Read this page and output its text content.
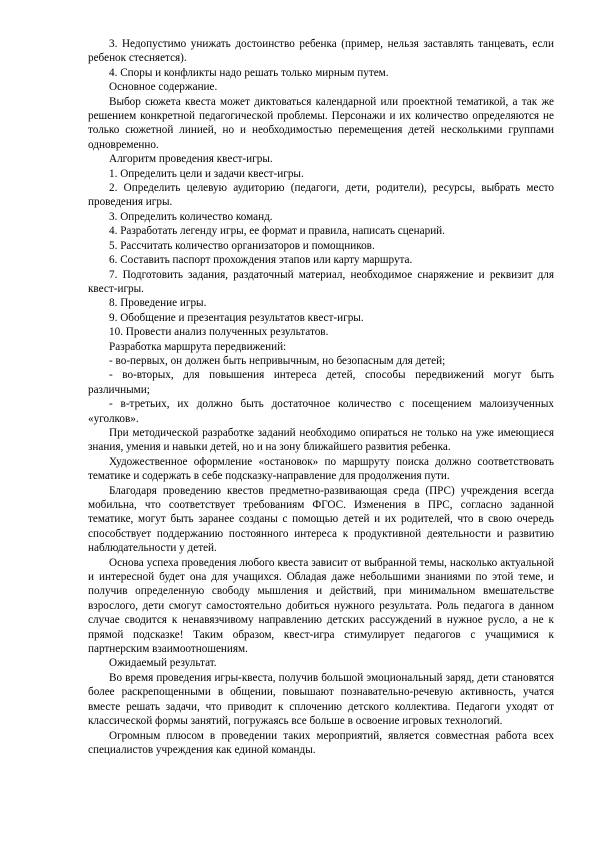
3. Недопустимо унижать достоинство ребенка (пример, нельзя заставлять танцевать, если ребенок стесняется).

4. Споры и конфликты надо решать только мирным путем.

Основное содержание.

Выбор сюжета квеста может диктоваться календарной или проектной тематикой, а так же решением конкретной педагогической проблемы. Персонажи и их количество определяются не только сюжетной линией, но и необходимостью перемещения детей несколькими группами одновременно.

Алгоритм проведения квест-игры.

1. Определить цели и задачи квест-игры.

2. Определить целевую аудиторию (педагоги, дети, родители), ресурсы, выбрать место проведения игры.

3. Определить количество команд.

4. Разработать легенду игры, ее формат и правила, написать сценарий.

5. Рассчитать количество организаторов и помощников.

6. Составить паспорт прохождения этапов или карту маршрута.

7. Подготовить задания, раздаточный материал, необходимое снаряжение и реквизит для квест-игры.

8. Проведение игры.

9. Обобщение и презентация результатов квест-игры.

10. Провести анализ полученных результатов.

Разработка маршрута передвижений:

- во-первых, он должен быть непривычным, но безопасным для детей;

- во-вторых, для повышения интереса детей, способы передвижений могут быть различными;

- в-третьих, их должно быть достаточное количество с посещением малоизученных «уголков».

При методической разработке заданий необходимо опираться не только на уже имеющиеся знания, умения и навыки детей, но и на зону ближайшего развития ребенка.

Художественное оформление «остановок» по маршруту поиска должно соответствовать тематике и содержать в себе подсказку-направление для продолжения пути.

Благодаря проведению квестов предметно-развивающая среда (ПРС) учреждения всегда мобильна, что соответствует требованиям ФГОС. Изменения в ПРС, согласно заданной тематике, могут быть заранее созданы с помощью детей и их родителей, что в свою очередь способствует поддержанию постоянного интереса к продуктивной деятельности и развитию наблюдательности у детей.

Основа успеха проведения любого квеста зависит от выбранной темы, насколько актуальной и интересной будет она для учащихся. Обладая даже небольшими знаниями по этой теме, и получив определенную свободу мышления и действий, при минимальном вмешательстве взрослого, дети смогут самостоятельно добиться нужного результата. Роль педагога в данном случае сводится к ненавязчивому направлению детских рассуждений в нужное русло, а не к прямой подсказке! Таким образом, квест-игра стимулирует педагогов с учащимися к партнерским взаимоотношениям.

Ожидаемый результат.

Во время проведения игры-квеста, получив большой эмоциональный заряд, дети становятся более раскрепощенными в общении, повышают познавательно-речевую активность, учатся вместе решать задачи, что приводит к сплочению детского коллектива. Педагоги уходят от классической формы занятий, погружаясь все больше в освоение игровых технологий.

Огромным плюсом в проведении таких мероприятий, является совместная работа всех специалистов учреждения как единой команды.
